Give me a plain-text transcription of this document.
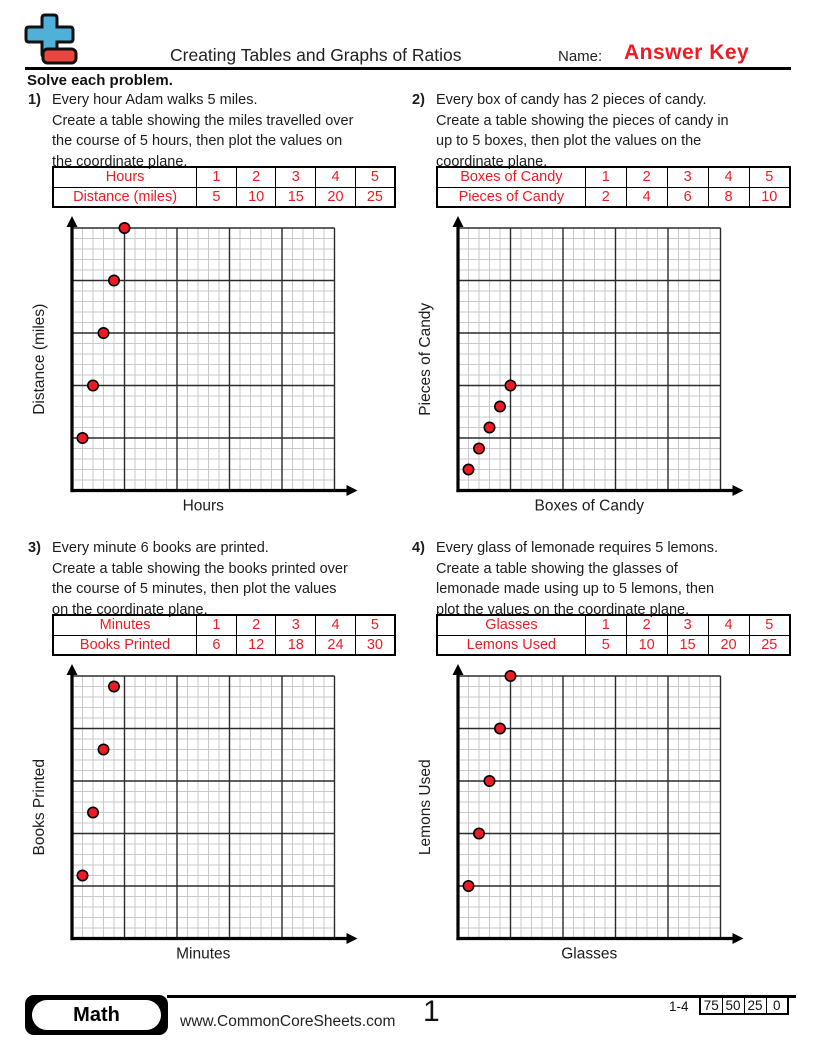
Creating Tables and Graphs of Ratios	Name: Answer Key
Solve each problem.
1) Every hour Adam walks 5 miles.
Create a table showing the miles travelled over
the course of 5 hours, then plot the values on
the coordinate plane.
Hours	1	2	3	4	5
Distance (miles)	5	10	15	20	25
Hours
Distance (miles)
2) Every box of candy has 2 pieces of candy.
Create a table showing the pieces of candy in
up to 5 boxes, then plot the values on the
coordinate plane.
Boxes of Candy	1	2	3	4	5
Pieces of Candy	2	4	6	8	10
Boxes of Candy
Pieces of Candy
3) Every minute 6 books are printed.
Create a table showing the books printed over
the course of 5 minutes, then plot the values
on the coordinate plane.
Minutes	1	2	3	4	5
Books Printed	6	12	18	24	30
Minutes
Books Printed
4) Every glass of lemonade requires 5 lemons.
Create a table showing the glasses of
lemonade made using up to 5 lemons, then
plot the values on the coordinate plane.
Glasses	1	2	3	4	5
Lemons Used	5	10	15	20	25
Glasses
Lemons Used
Math	www.CommonCoreSheets.com 1	1-4 75	50	25	0
